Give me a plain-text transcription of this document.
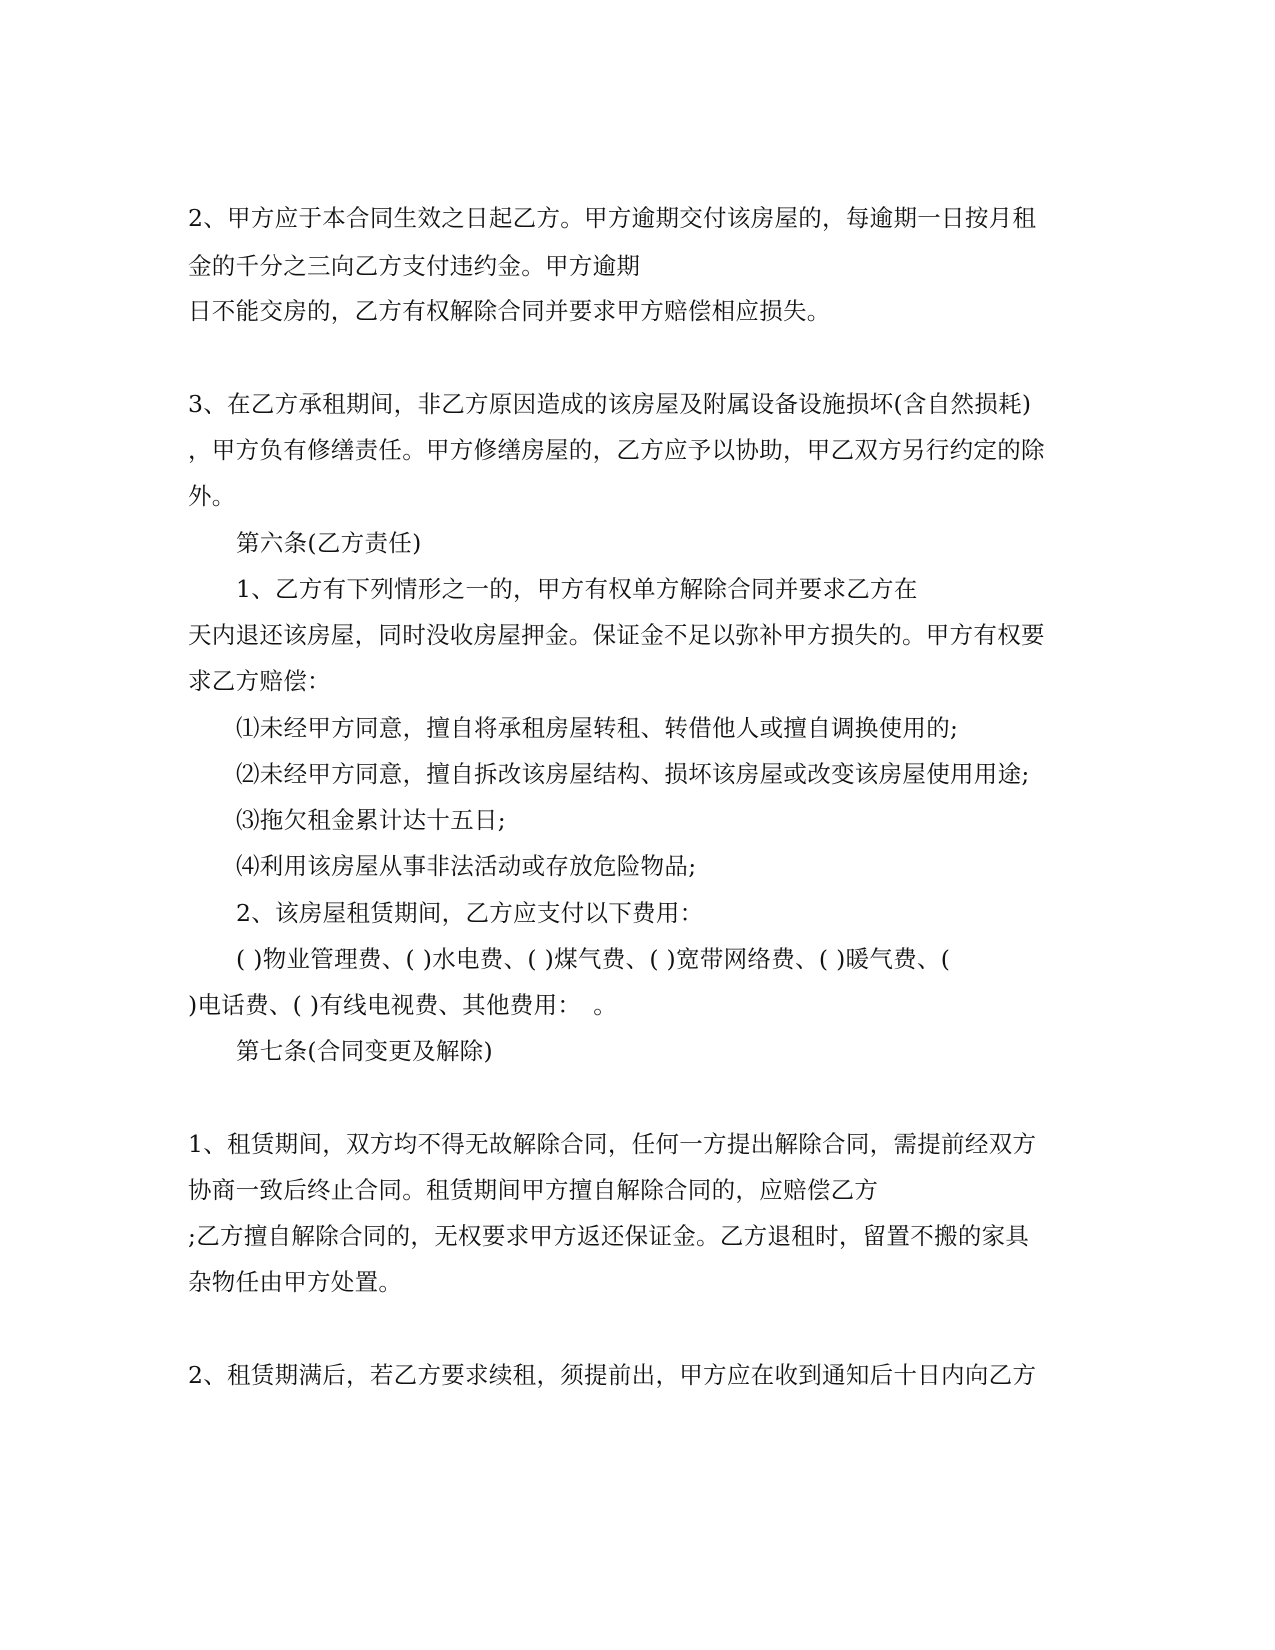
2、甲方应于本合同生效之日起乙方。甲方逾期交付该房屋的，每逾期一日按月租
金的千分之三向乙方支付违约金。甲方逾期
日不能交房的，乙方有权解除合同并要求甲方赔偿相应损失。
3、在乙方承租期间，非乙方原因造成的该房屋及附属设备设施损坏(含自然损耗)
，甲方负有修缮责任。甲方修缮房屋的，乙方应予以协助，甲乙双方另行约定的除
外。
第六条(乙方责任)
1、乙方有下列情形之一的，甲方有权单方解除合同并要求乙方在
天内退还该房屋，同时没收房屋押金。保证金不足以弥补甲方损失的。甲方有权要
求乙方赔偿：
⑴未经甲方同意，擅自将承租房屋转租、转借他人或擅自调换使用的;
⑵未经甲方同意，擅自拆改该房屋结构、损坏该房屋或改变该房屋使用用途;
⑶拖欠租金累计达十五日;
⑷利用该房屋从事非法活动或存放危险物品;
2、该房屋租赁期间，乙方应支付以下费用：
( )物业管理费、( )水电费、( )煤气费、( )宽带网络费、( )暖气费、(
)电话费、( )有线电视费、其他费用：　。
第七条(合同变更及解除)
1、租赁期间，双方均不得无故解除合同，任何一方提出解除合同，需提前经双方
协商一致后终止合同。租赁期间甲方擅自解除合同的，应赔偿乙方
;乙方擅自解除合同的，无权要求甲方返还保证金。乙方退租时，留置不搬的家具
杂物任由甲方处置。
2、租赁期满后，若乙方要求续租，须提前出，甲方应在收到通知后十日内向乙方
